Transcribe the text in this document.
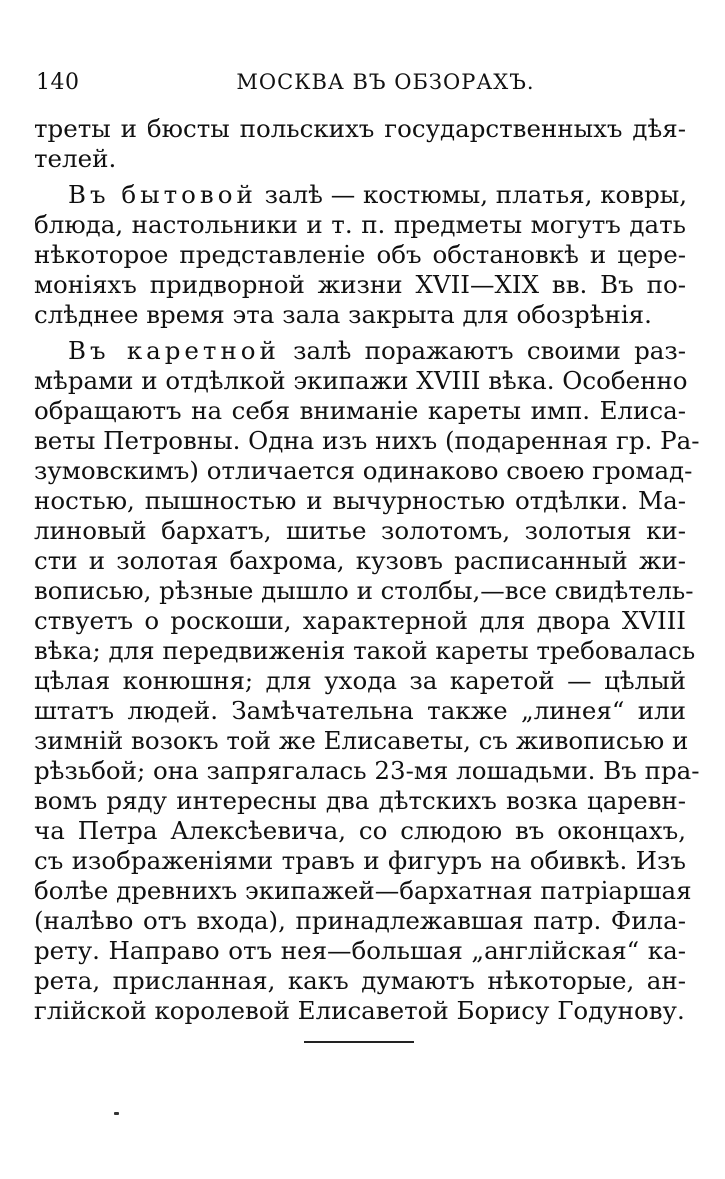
140	МОСКВА ВЪ ОБЗОРАХЪ.
треты и бюсты польскихъ государственныхъ дѣя-
телей.
Въ бытовой залѣ — костюмы, платья, ковры,
блюда, настольники и т. п. предметы могутъ дать
нѣкоторое представленіе объ обстановкѣ и цере-
моніяхъ придворной жизни XVII—XIX вв. Въ по-
слѣднее время эта зала закрыта для обозрѣнія.
Въ каретной залѣ поражаютъ своими раз-
мѣрами и отдѣлкой экипажи XVIII вѣка. Особенно
обращаютъ на себя вниманіе кареты имп. Елиса-
веты Петровны. Одна изъ нихъ (подаренная гр. Ра-
зумовскимъ) отличается одинаково своею громад-
ностью, пышностью и вычурностью отдѣлки. Ма-
линовый бархатъ, шитье золотомъ, золотыя ки-
сти и золотая бахрома, кузовъ расписанный жи-
вописью, рѣзные дышло и столбы,—все свидѣтель-
ствуетъ о роскоши, характерной для двора XVIII
вѣка; для передвиженія такой кареты требовалась
цѣлая конюшня; для ухода за каретой — цѣлый
штатъ людей. Замѣчательна также „линея“ или
зимній возокъ той же Елисаветы, съ живописью и
рѣзьбой; она запрягалась 23-мя лошадьми. Въ пра-
вомъ ряду интересны два дѣтскихъ возка царевн-
ча Петра Алексѣевича, со слюдою въ оконцахъ,
съ изображеніями травъ и фигуръ на обивкѣ. Изъ
болѣе древнихъ экипажей—бархатная патріаршая
(налѣво отъ входа), принадлежавшая патр. Фила-
рету. Направо отъ нея—большая „англійская“ ка-
рета, присланная, какъ думаютъ нѣкоторые, ан-
глійской королевой Елисаветой Борису Годунову.
